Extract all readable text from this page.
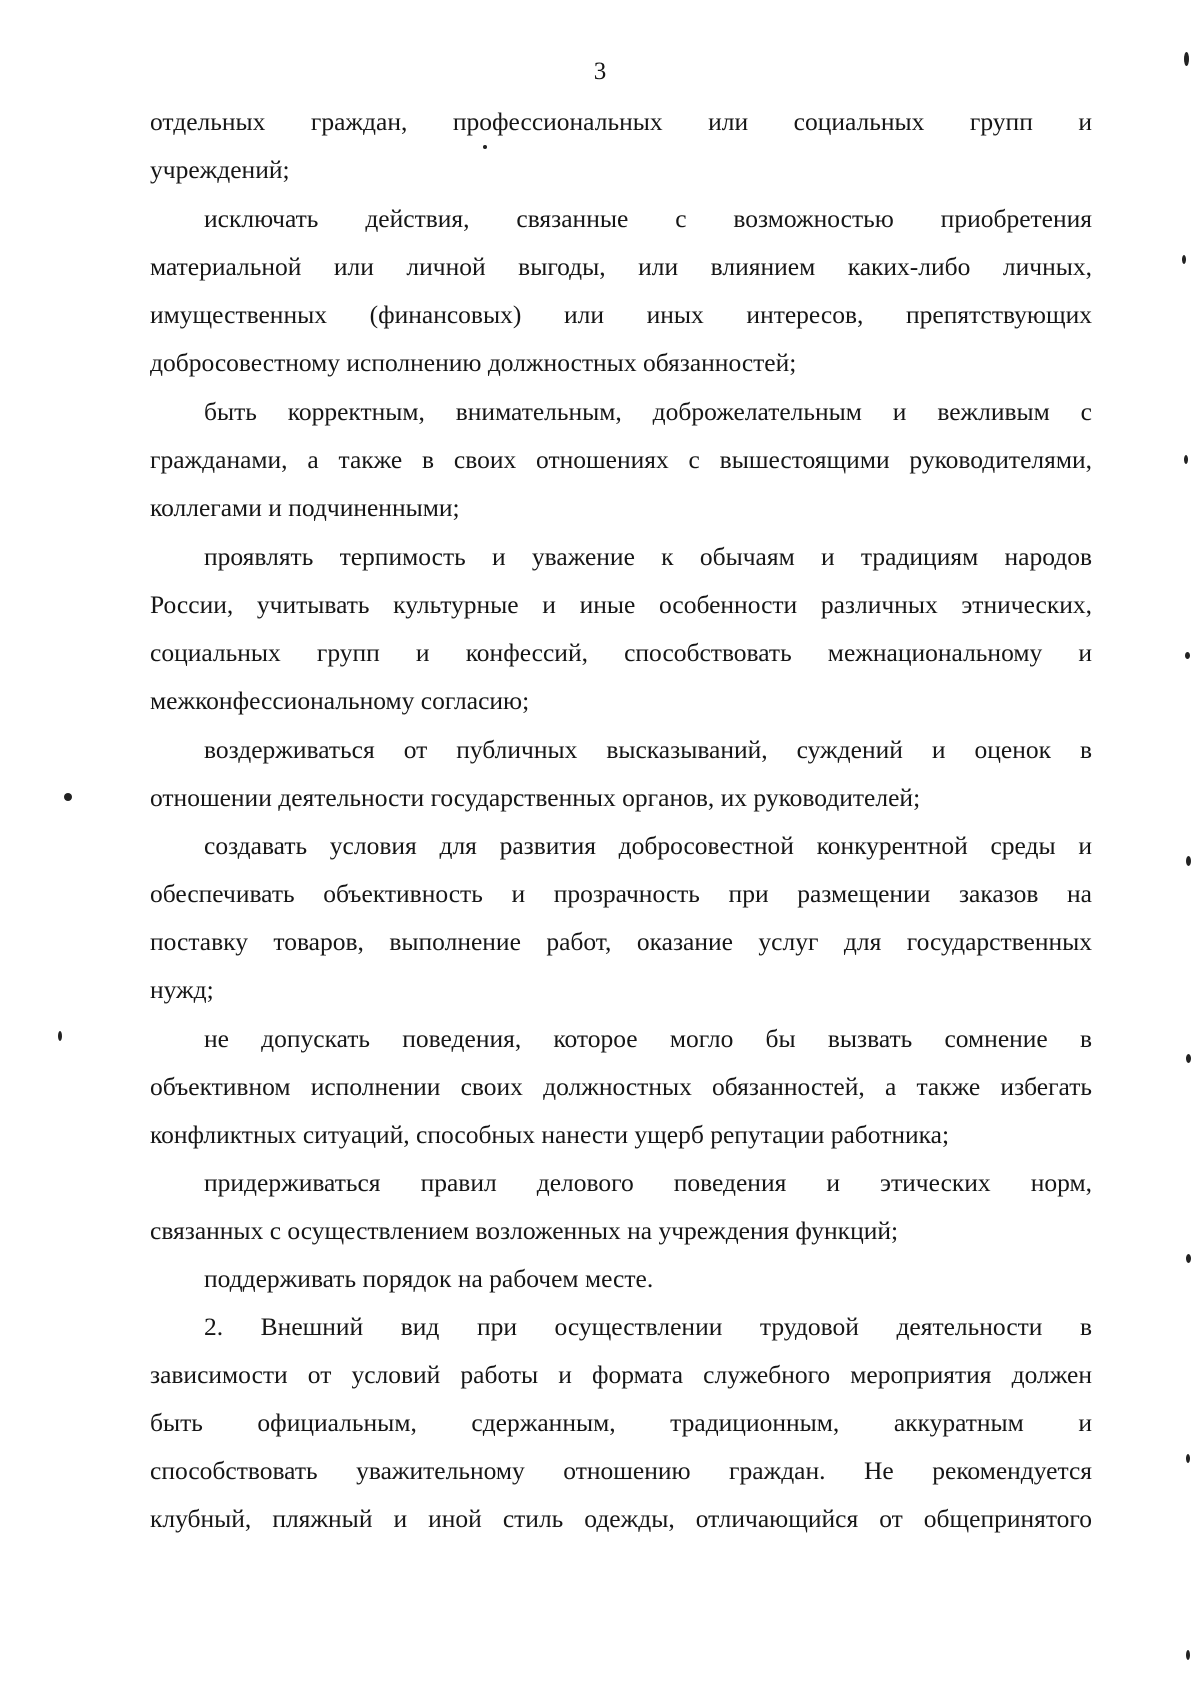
3
отдельных граждан, профессиональных или социальных групп и
учреждений;
исключать действия, связанные с возможностью приобретения
материальной или личной выгоды, или влиянием каких-либо личных,
имущественных (финансовых) или иных интересов, препятствующих
добросовестному исполнению должностных обязанностей;
быть корректным, внимательным, доброжелательным и вежливым с
гражданами, а также в своих отношениях с вышестоящими руководителями,
коллегами и подчиненными;
проявлять терпимость и уважение к обычаям и традициям народов
России, учитывать культурные и иные особенности различных этнических,
социальных групп и конфессий, способствовать межнациональному и
межконфессиональному согласию;
воздерживаться от публичных высказываний, суждений и оценок в
отношении деятельности государственных органов, их руководителей;
создавать условия для развития добросовестной конкурентной среды и
обеспечивать объективность и прозрачность при размещении заказов на
поставку товаров, выполнение работ, оказание услуг для государственных
нужд;
не допускать поведения, которое могло бы вызвать сомнение в
объективном исполнении своих должностных обязанностей, а также избегать
конфликтных ситуаций, способных нанести ущерб репутации работника;
придерживаться правил делового поведения и этических норм,
связанных с осуществлением возложенных на учреждения функций;
поддерживать порядок на рабочем месте.
2. Внешний вид при осуществлении трудовой деятельности в
зависимости от условий работы и формата служебного мероприятия должен
быть официальным, сдержанным, традиционным, аккуратным и
способствовать уважительному отношению граждан. Не рекомендуется
клубный, пляжный и иной стиль одежды, отличающийся от общепринятого
